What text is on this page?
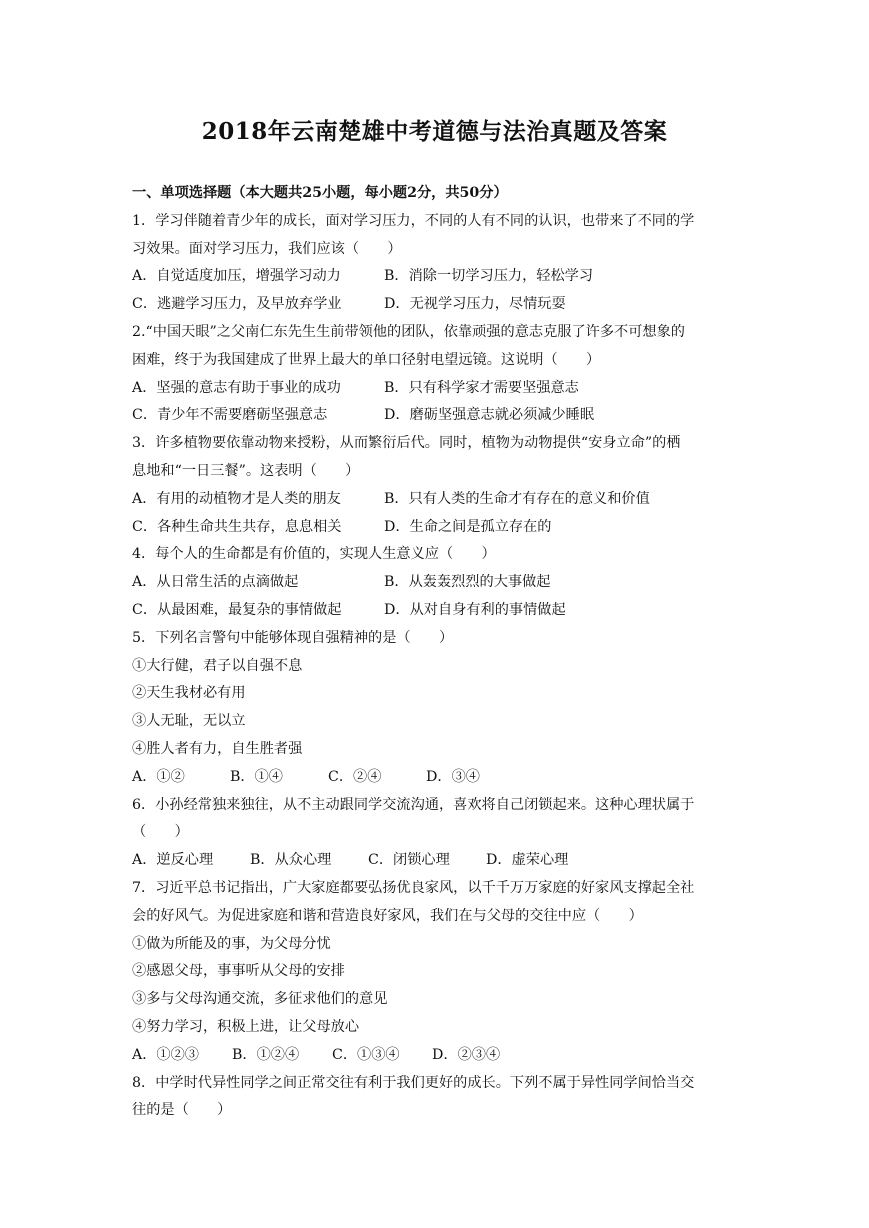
2018年云南楚雄中考道德与法治真题及答案
一、单项选择题（本大题共25小题，每小题2分，共50分）
1．学习伴随着青少年的成长，面对学习压力，不同的人有不同的认识，也带来了不同的学
习效果。面对学习压力，我们应该（　　）
A．自觉适度加压，增强学习动力	B．消除一切学习压力，轻松学习
C．逃避学习压力，及早放弃学业	D．无视学习压力，尽情玩耍
2.“中国天眼”之父南仁东先生生前带领他的团队，依靠顽强的意志克服了许多不可想象的
困难，终于为我国建成了世界上最大的单口径射电望远镜。这说明（　　）
A．坚强的意志有助于事业的成功	B．只有科学家才需要坚强意志
C．青少年不需要磨砺坚强意志	D．磨砺坚强意志就必须减少睡眠
3．许多植物要依靠动物来授粉，从而繁衍后代。同时，植物为动物提供“安身立命”的栖
息地和“一日三餐”。这表明（　　）
A．有用的动植物才是人类的朋友	B．只有人类的生命才有存在的意义和价值
C．各种生命共生共存，息息相关	D．生命之间是孤立存在的
4．每个人的生命都是有价值的，实现人生意义应（　　）
A．从日常生活的点滴做起	B．从轰轰烈烈的大事做起
C．从最困难，最复杂的事情做起	D．从对自身有利的事情做起
5．下列名言警句中能够体现自强精神的是（　　）
①大行健，君子以自强不息
②天生我材必有用
③人无耻，无以立
④胜人者有力，自生胜者强
A．①②	B．①④	C．②④	D．③④
6．小孙经常独来独往，从不主动跟同学交流沟通，喜欢将自己闭锁起来。这种心理状属于
（　　）
A．逆反心理	B．从众心理	C．闭锁心理	D．虚荣心理
7．习近平总书记指出，广大家庭都要弘扬优良家风，以千千万万家庭的好家风支撑起全社
会的好风气。为促进家庭和谐和营造良好家风，我们在与父母的交往中应（　　）
①做为所能及的事，为父母分忧
②感恩父母，事事听从父母的安排
③多与父母沟通交流，多征求他们的意见
④努力学习，积极上进，让父母放心
A．①②③	B．①②④	C．①③④	D．②③④
8．中学时代异性同学之间正常交往有利于我们更好的成长。下列不属于异性同学间恰当交
往的是（　　）
